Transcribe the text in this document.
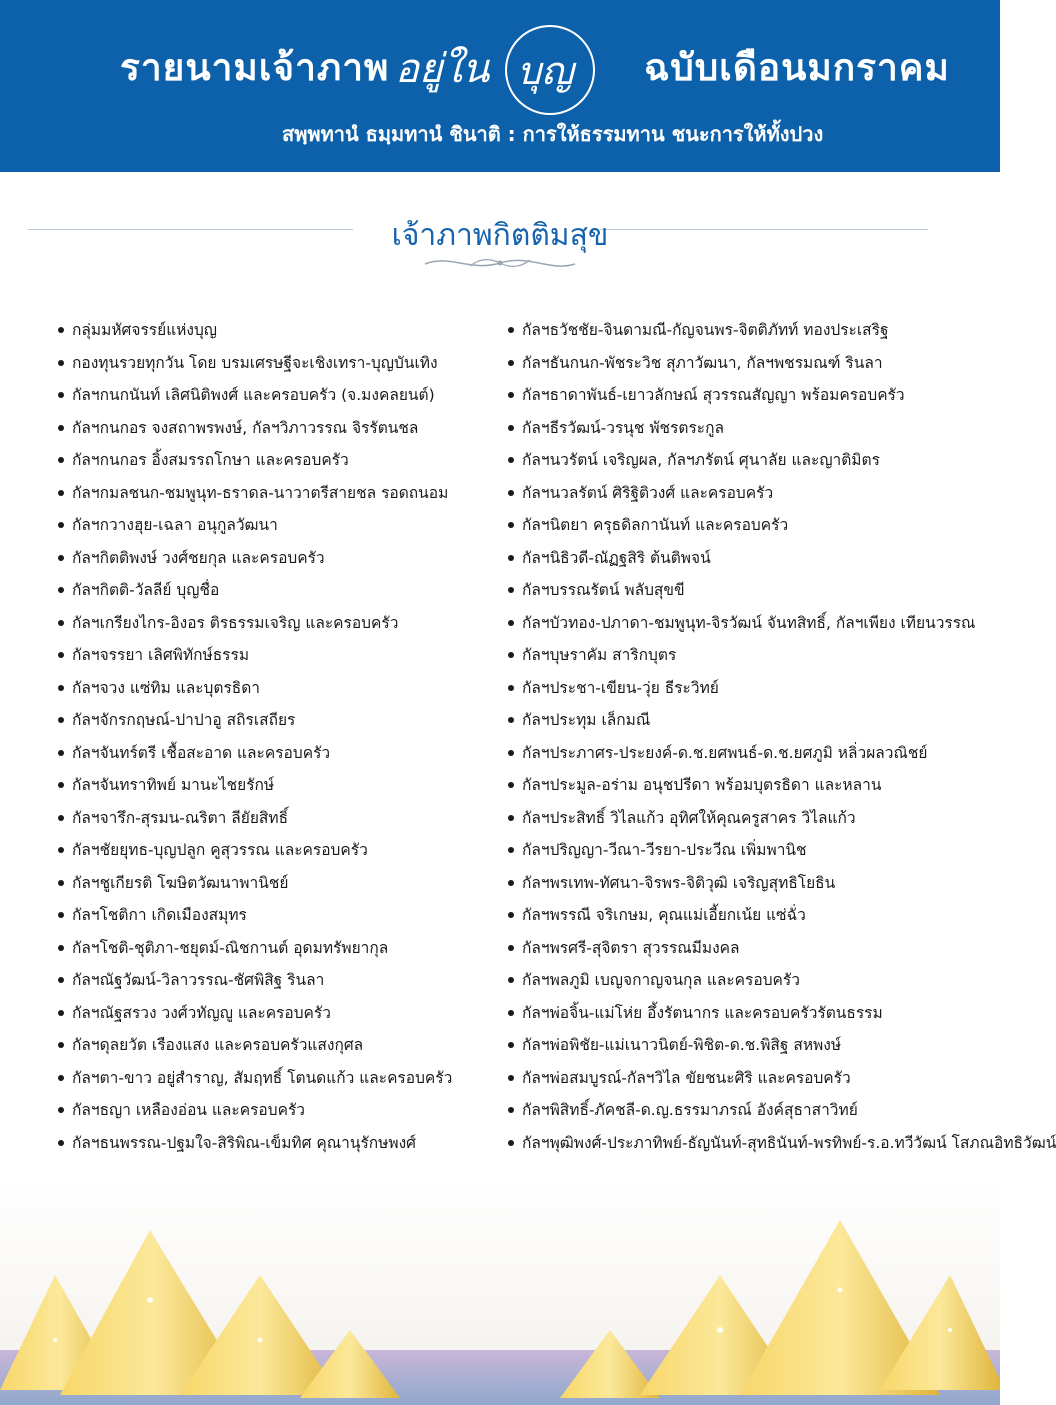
รายนามเจ้าภาพ อยู่ใน บุญ ฉบับเดือนมกราคม
สพฺพทานํ ธมฺมทานํ ชินาติ : การให้ธรรมทาน ชนะการให้ทั้งปวง
เจ้าภาพกิตติมสุข
กลุ่มมหัศจรรย์แห่งบุญ
กองทุนรวยทุกวัน โดย บรมเศรษฐีจะเชิงเทรา-บุญบันเทิง
กัลฯกนกนันท์ เลิศนิติพงศ์ และครอบครัว (จ.มงคลยนต์)
กัลฯกนกอร จงสถาพรพงษ์, กัลฯวิภาวรรณ จิรรัตนชล
กัลฯกนกอร อิ้งสมรรถโกษา และครอบครัว
กัลฯกมลชนก-ชมพูนุท-ธราดล-นาวาตรีสายชล รอดถนอม
กัลฯกวางฮุย-เฉลา อนุกูลวัฒนา
กัลฯกิตติพงษ์ วงศ์ชยกุล และครอบครัว
กัลฯกิตติ-วัลลีย์ บุญชื่อ
กัลฯเกรียงไกร-อิงอร ติรธรรมเจริญ และครอบครัว
กัลฯจรรยา เลิศพิทักษ์ธรรม
กัลฯจวง แซ่ทิม และบุตรธิดา
กัลฯจักรกฤษณ์-ปาปาอู สถิรเสถียร
กัลฯจันทร์ตรี เชื้อสะอาด และครอบครัว
กัลฯจันทราทิพย์ มานะไชยรักษ์
กัลฯจารึก-สุรมน-ณริตา ลียัยสิทธิ์
กัลฯชัยยุทธ-บุญปลูก คูสุวรรณ และครอบครัว
กัลฯชูเกียรติ โฆษิตวัฒนาพานิชย์
กัลฯโชติกา เกิดเมืองสมุทร
กัลฯโชติ-ชุติภา-ชยุตม์-ณิชกานต์ อุดมทรัพยากุล
กัลฯณัฐวัฒน์-วิลาวรรณ-ชัศพิสิฐ รินลา
กัลฯณัฐสรวง วงศ์วทัญญู และครอบครัว
กัลฯดุลยวัต เรืองแสง และครอบครัวแสงกุศล
กัลฯตา-ขาว อยู่สำราญ, สัมฤทธิ์ โตนดแก้ว และครอบครัว
กัลฯธญา เหลืองอ่อน และครอบครัว
กัลฯธนพรรณ-ปฐมใจ-สิริพิณ-เข็มทิศ คุณานุรักษพงศ์
กัลฯธวัชชัย-จินดามณี-กัญจนพร-จิตติภัทท์ ทองประเสริฐ
กัลฯธันกนก-พัชระวิช สุภาวัฒนา, กัลฯพชรมณฑ์ รินลา
กัลฯธาดาพันธ์-เยาวลักษณ์ สุวรรณสัญญา พร้อมครอบครัว
กัลฯธีรวัฒน์-วรนุช พัชรตระกูล
กัลฯนวรัตน์ เจริญผล, กัลฯภรัตน์ ศุนาลัย และญาติมิตร
กัลฯนวลรัตน์ ศิริฐิติวงศ์ และครอบครัว
กัลฯนิตยา ครุธดิลกานันท์ และครอบครัว
กัลฯนิธิวดี-ณัฏฐสิริ ต้นติพจน์
กัลฯบรรณรัตน์ พลับสุขขี
กัลฯบัวทอง-ปภาดา-ชมพูนุท-จิรวัฒน์ จันทสิทธิ์, กัลฯเพียง เทียนวรรณ
กัลฯบุษราคัม สาริกบุตร
กัลฯประชา-เขียน-วุ่ย ธีระวิทย์
กัลฯประทุม เล็กมณี
กัลฯประภาศร-ประยงค์-ด.ช.ยศพนธ์-ด.ช.ยศภูมิ หลิ่วผลวณิชย์
กัลฯประมูล-อร่าม อนุชปรีดา พร้อมบุตรธิดา และหลาน
กัลฯประสิทธิ์ วิไลแก้ว อุทิศให้คุณครูสาคร วิไลแก้ว
กัลฯปริญญา-วีณา-วีรยา-ประวีณ เพิ่มพานิช
กัลฯพรเทพ-ทัศนา-จิรพร-จิติวุฒิ เจริญสุทธิโยธิน
กัลฯพรรณี จริเกษม, คุณแม่เอี้ยกเน้ย แซ่ฉั่ว
กัลฯพรศรี-สุจิตรา สุวรรณมีมงคล
กัลฯพลภูมิ เบญจกาญจนกุล และครอบครัว
กัลฯพ่อจิ้น-แม่โห่ย อึ้งรัตนากร และครอบครัวรัตนธรรม
กัลฯพ่อพิชัย-แม่เนาวนิตย์-พิชิต-ด.ช.พิสิฐ สหพงษ์
กัลฯพ่อสมบูรณ์-กัลฯวิไล ขัยชนะศิริ และครอบครัว
กัลฯพิสิทธิ์-ภัคชลี-ด.ญ.ธรรมาภรณ์ อังค์สุธาสาวิทย์
กัลฯพุฒิพงศ์-ประภาทิพย์-ธัญนันท์-สุทธินันท์-พรทิพย์-ร.อ.ทวีวัฒน์ โสภณอิทธิวัฒน์
